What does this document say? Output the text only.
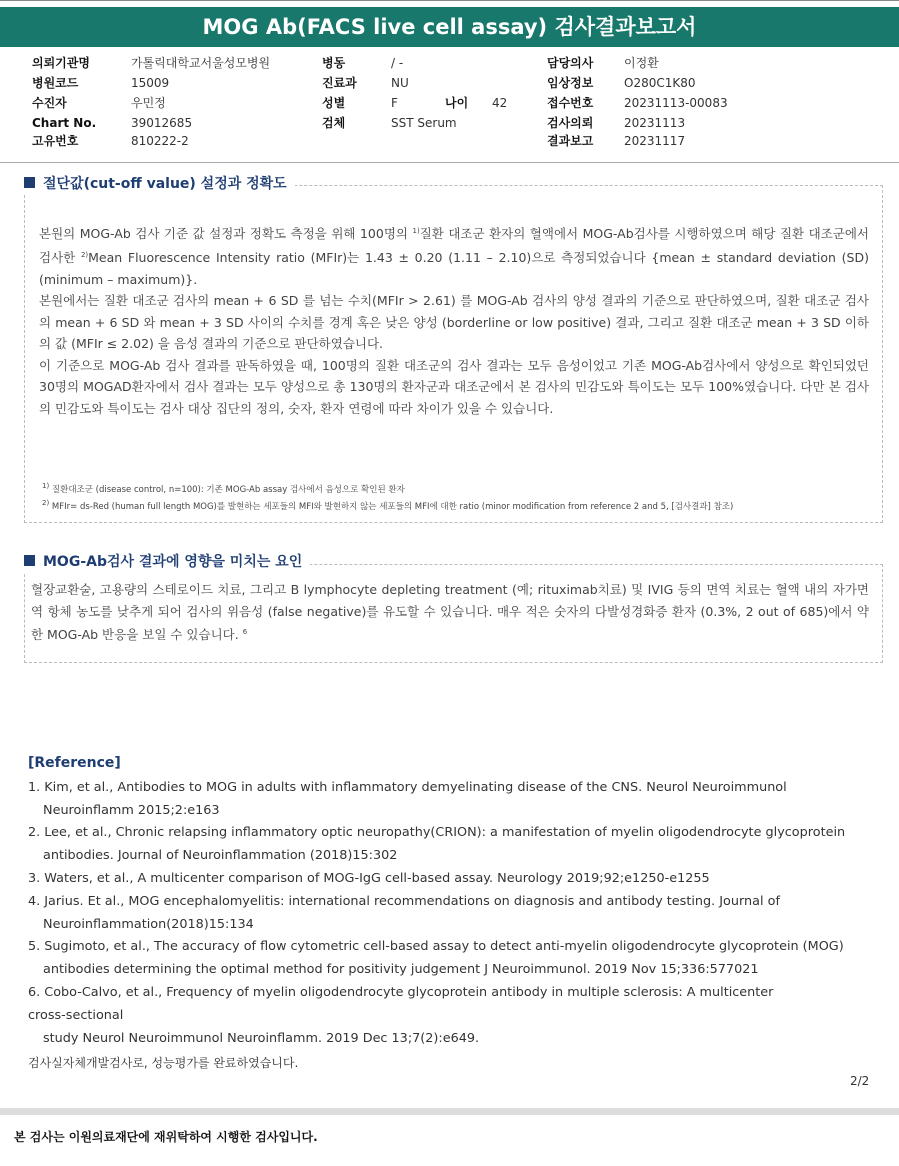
MOG Ab(FACS live cell assay) 검사결과보고서
의뢰기관명	가톨릭대학교서울성모병원	병동	/ -	담당의사	이정환
병원코드	15009	진료과	NU	임상정보	O280C1K80
수진자	우민정	성별	F	나이 42	접수번호	20231113-00083
Chart No.	39012685	검체	SST Serum	검사의뢰	20231113
고유번호	810222-2	결과보고	20231117

본원의 MOG-Ab 검사 기준 값 설정과 정확도 측정을 위해 100명의 $^{1)}$질환 대조군 환자의 혈액에서 MOG-Ab검사를 시행하였으며 해당 질환 대조군에서 검사한 $^{2)}$Mean Fluorescence Intensity ratio (MFIr)는 1.43 ± 0.20 (1.11 – 2.10)으로 측정되었습니다 {mean ± standard deviation (SD) (minimum – maximum)}.

본원에서는 질환 대조군 검사의 mean + 6 SD 를 넘는 수치(MFIr > 2.61) 를 MOG-Ab 검사의 양성 결과의 기준으로 판단하였으며, 질환 대조군 검사의 mean + 6 SD 와 mean + 3 SD 사이의 수치를 경계 혹은 낮은 양성 (borderline or low positive) 결과, 그리고 질환 대조군 mean + 3 SD 이하의 값 (MFIr ≤ 2.02) 을 음성 결과의 기준으로 판단하였습니다.

이 기준으로 MOG-Ab 검사 결과를 판독하였을 때, 100명의 질환 대조군의 검사 결과는 모두 음성이었고 기존 MOG-Ab검사에서 양성으로 확인되었던 30명의 MOGAD환자에서 검사 결과는 모두 양성으로 총 130명의 환자군과 대조군에서 본 검사의 민감도와 특이도는 모두 100%였습니다. 다만 본 검사의 민감도와 특이도는 검사 대상 집단의 정의, 숫자, 환자 연령에 따라 차이가 있을 수 있습니다.

$^{1)}$ 질환대조군 (disease control, n=100): 기존 MOG-Ab assay 검사에서 음성으로 확인된 환자
$^{2)}$ MFIr= ds-Red (human full length MOG)를 발현하는 세포들의 MFI와 발현하지 않는 세포들의 MFI에 대한 ratio (minor modification from reference 2 and 5, [검사결과] 참조)
절단값(cut-off value) 설정과 정확도

혈장교환술, 고용량의 스테로이드 치료, 그리고 B lymphocyte depleting treatment (예; rituximab치료) 및 IVIG 등의 면역 치료는 혈액 내의 자가면역 항체 농도를 낮추게 되어 검사의 위음성 (false negative)를 유도할 수 있습니다. 매우 적은 숫자의 다발성경화증 환자 (0.3%, 2 out of 685)에서 약한 MOG-Ab 반응을 보일 수 있습니다. $^6$

MOG-Ab검사 결과에 영향을 미치는 요인
[Reference]
1. Kim, et al., Antibodies to MOG in adults with inflammatory demyelinating disease of the CNS. Neurol Neuroimmunol Neuroinflamm 2015;2:e163
2. Lee, et al., Chronic relapsing inflammatory optic neuropathy(CRION): a manifestation of myelin oligodendrocyte glycoprotein antibodies. Journal of Neuroinflammation (2018)15:302
3. Waters, et al., A multicenter comparison of MOG-IgG cell-based assay. Neurology 2019;92;e1250-e1255
4. Jarius. Et al., MOG encephalomyelitis: international recommendations on diagnosis and antibody testing. Journal of Neuroinflammation(2018)15:134
5. Sugimoto, et al., The accuracy of flow cytometric cell-based assay to detect anti-myelin oligodendrocyte glycoprotein (MOG) antibodies determining the optimal method for positivity judgement J Neuroimmunol. 2019 Nov 15;336:577021
6. Cobo-Calvo, et al., Frequency of myelin oligodendrocyte glycoprotein antibody in multiple sclerosis: A multicenter
cross-sectional
study Neurol Neuroimmunol Neuroinflamm. 2019 Dec 13;7(2):e649.
검사실자체개발검사로, 성능평가를 완료하였습니다.
2/2
본 검사는 이원의료재단에 재위탁하여 시행한 검사입니다.
